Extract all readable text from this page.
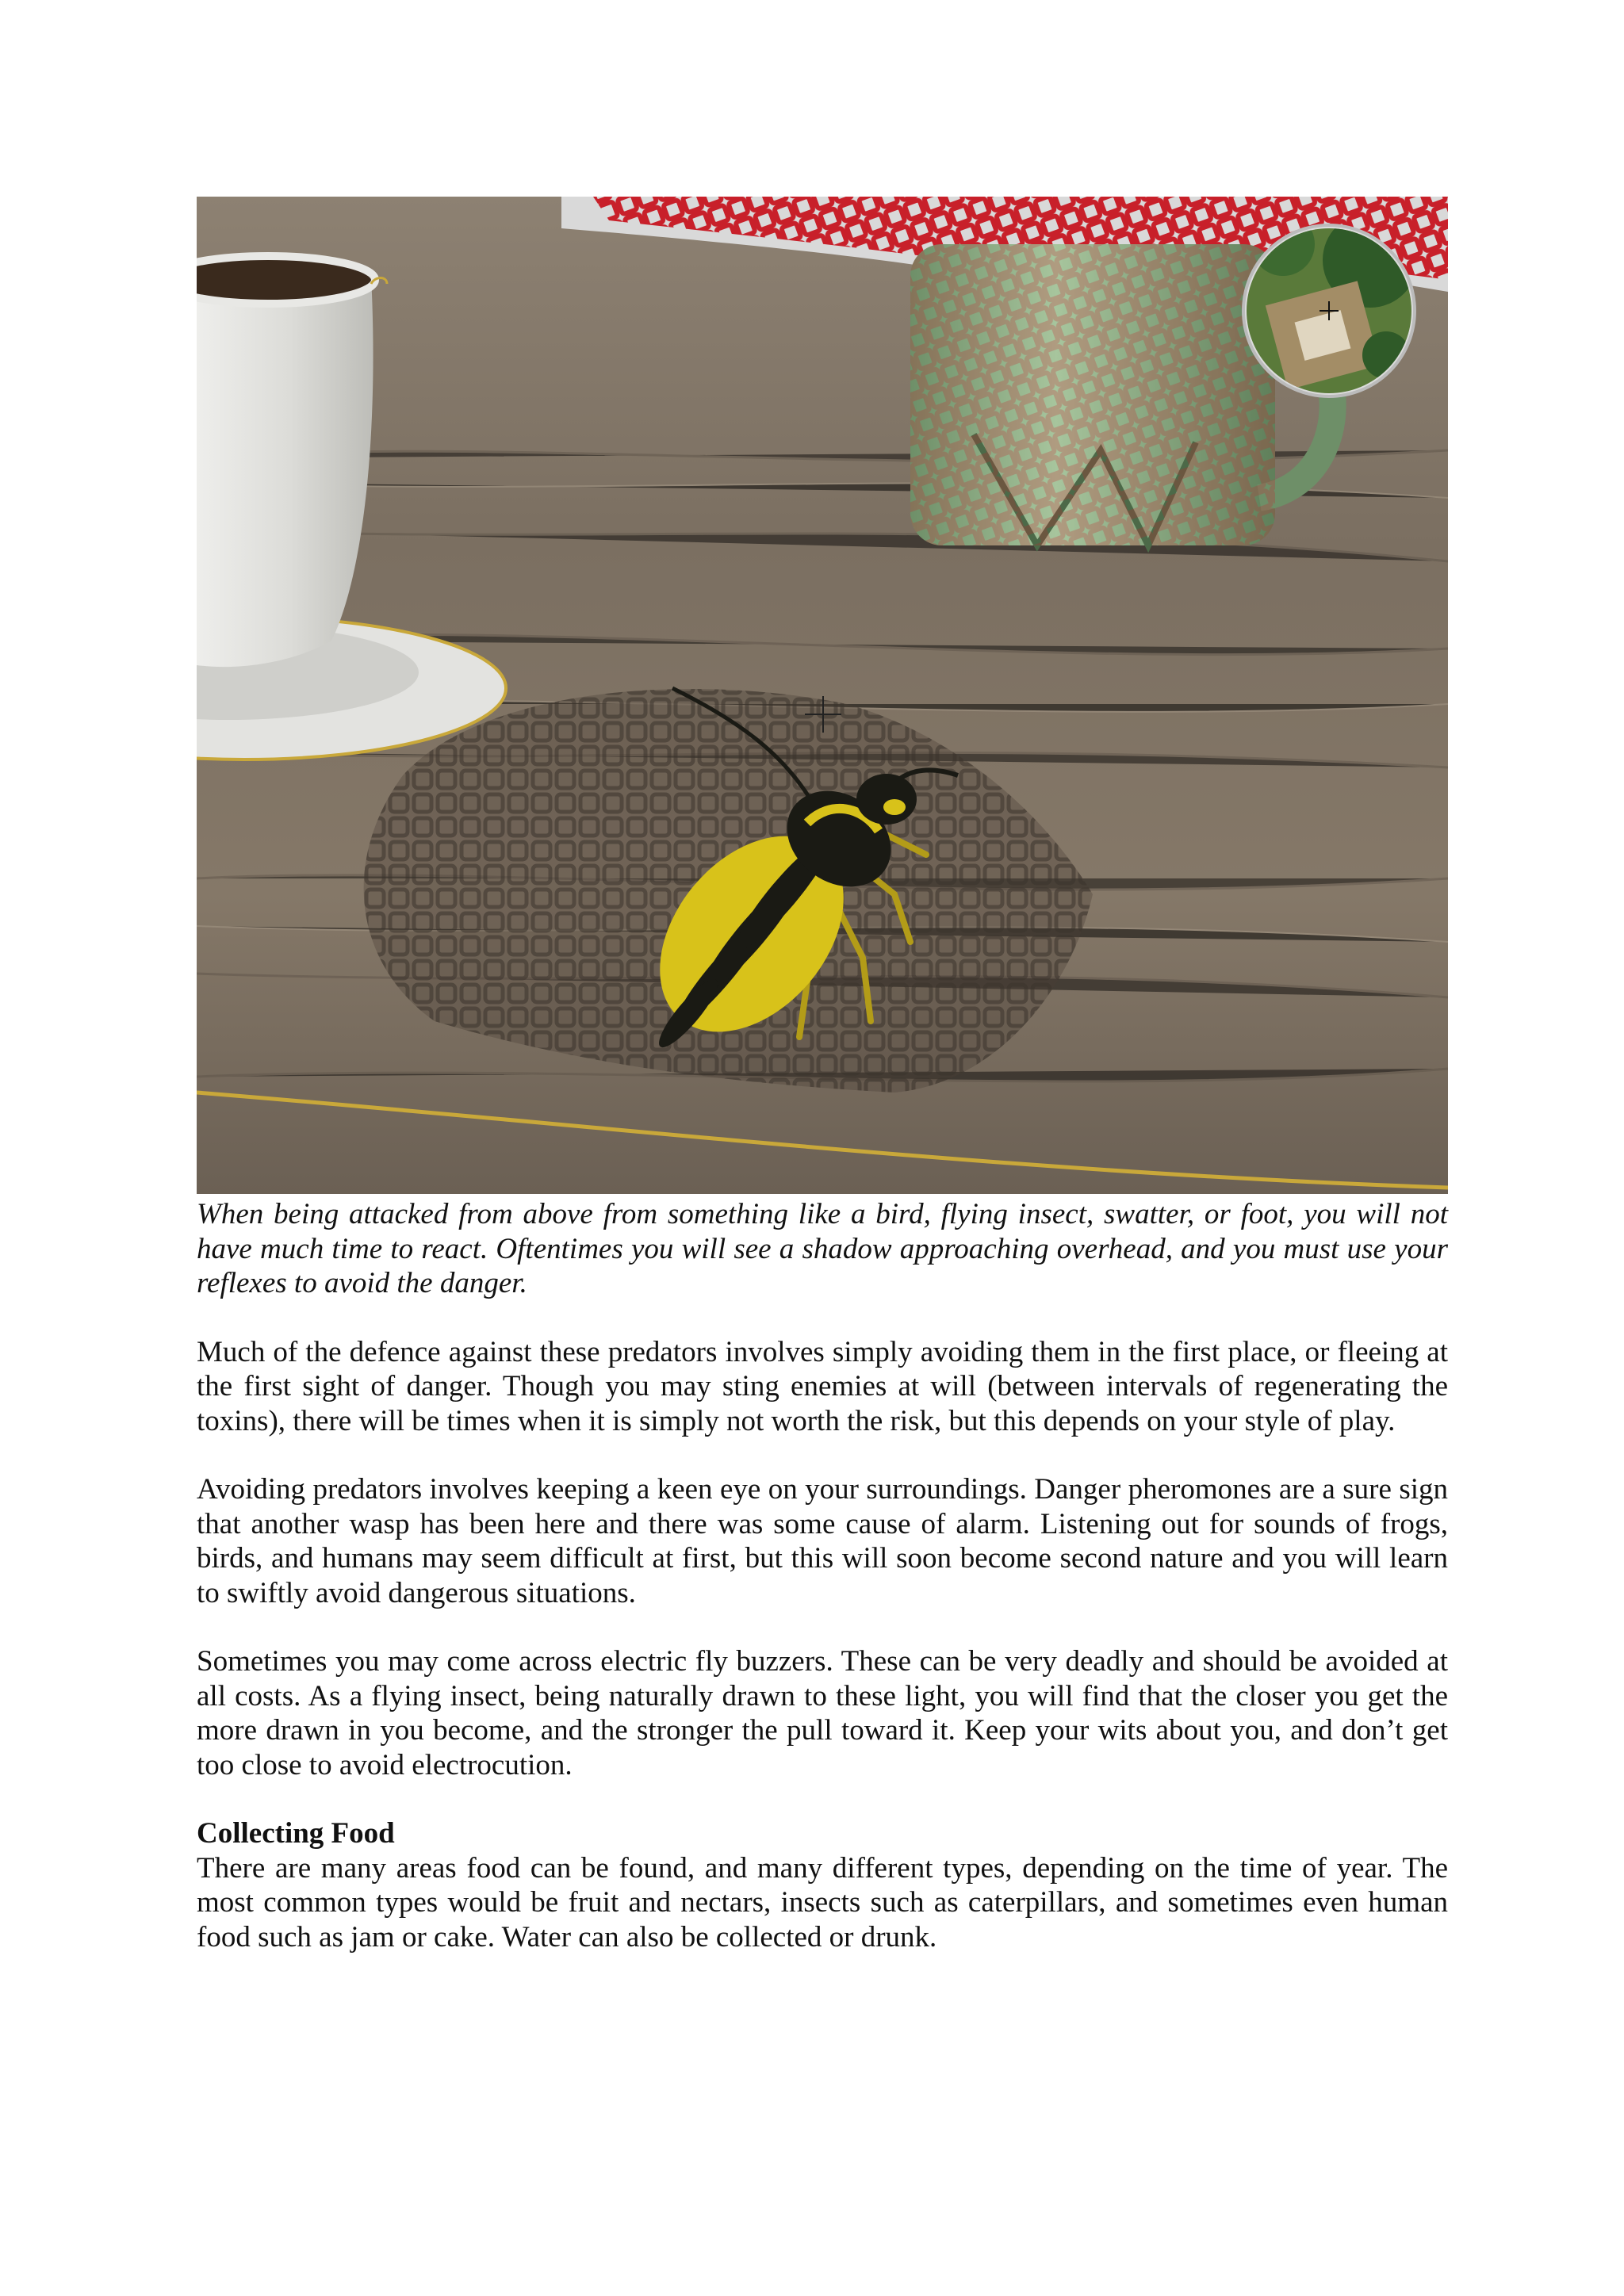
When being attacked from above from something like a bird, flying insect, swatter, or foot, you will not have much time to react. Oftentimes you will see a shadow approaching overhead, and you must use your reflexes to avoid the danger.

Much of the defence against these predators involves simply avoiding them in the first place, or fleeing at the first sight of danger. Though you may sting enemies at will (between intervals of regenerating the toxins), there will be times when it is simply not worth the risk, but this depends on your style of play.

Avoiding predators involves keeping a keen eye on your surroundings. Danger pheromones are a sure sign that another wasp has been here and there was some cause of alarm. Listening out for sounds of frogs, birds, and humans may seem difficult at first, but this will soon become second nature and you will learn to swiftly avoid dangerous situations.

Sometimes you may come across electric fly buzzers. These can be very deadly and should be avoided at all costs. As a flying insect, being naturally drawn to these light, you will find that the closer you get the more drawn in you become, and the stronger the pull toward it. Keep your wits about you, and don’t get too close to avoid electrocution.

Collecting Food

There are many areas food can be found, and many different types, depending on the time of year. The most common types would be fruit and nectars, insects such as caterpillars, and sometimes even human food such as jam or cake. Water can also be collected or drunk.
